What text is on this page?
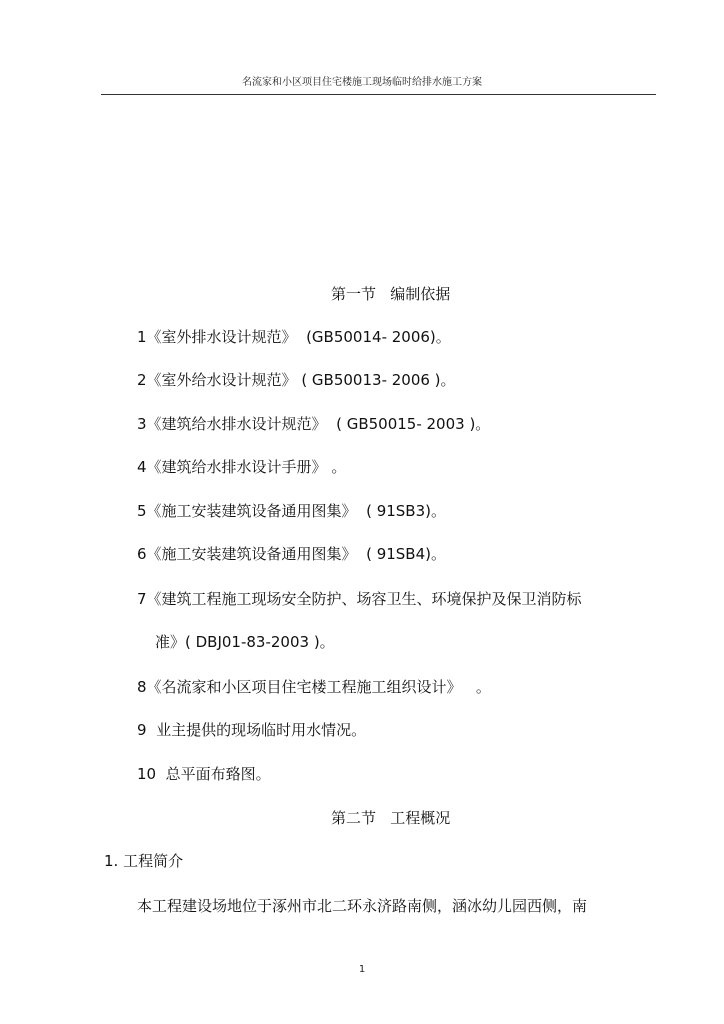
名流家和小区项目住宅楼施工现场临时给排水施工方案
第一节   编制依据
1《室外排水设计规范》  (GB50014- 2006)。
2《室外给水设计规范》 ( GB50013- 2006 )。
3《建筑给水排水设计规范》  ( GB50015- 2003 )。
4《建筑给水排水设计手册》 。
5《施工安装建筑设备通用图集》  ( 91SB3)。
6《施工安装建筑设备通用图集》  ( 91SB4)。
7《建筑工程施工现场安全防护、场容卫生、环境保护及保卫消防标
准》( DBJ01-83-2003 )。
8《名流家和小区项目住宅楼工程施工组织设计》   。
9  业主提供的现场临时用水情况。
10  总平面布臵图。
第二节   工程概况
1. 工程简介
本工程建设场地位于涿州市北二环永济路南侧，涵冰幼儿园西侧，南
1
